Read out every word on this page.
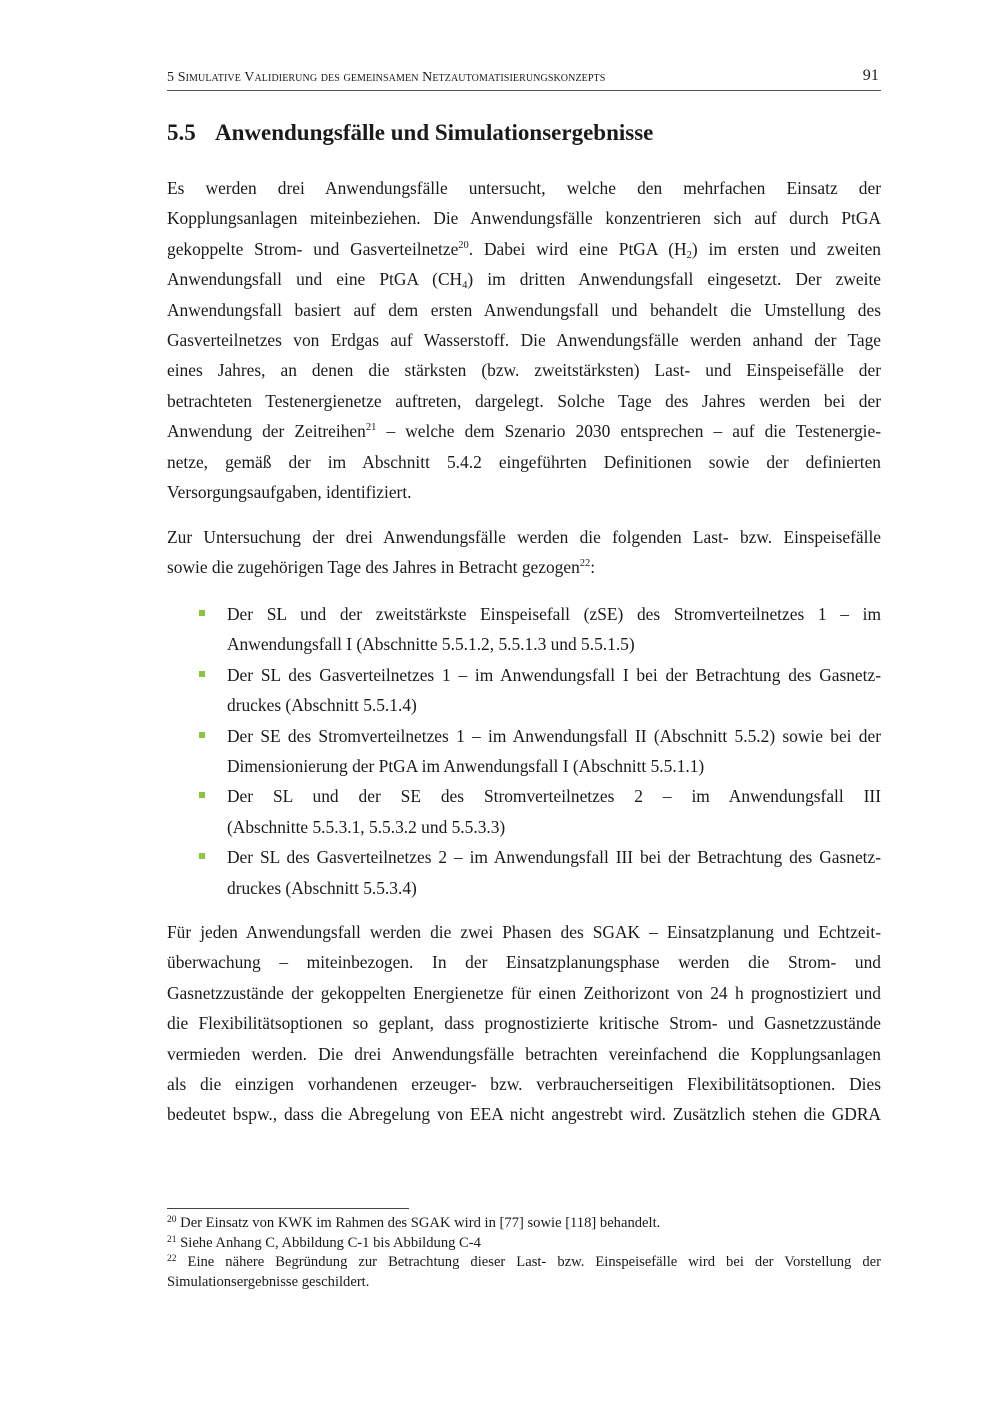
5 Simulative Validierung des gemeinsamen Netzautomatisierungskonzepts	91
5.5 Anwendungsfälle und Simulationsergebnisse
Es werden drei Anwendungsfälle untersucht, welche den mehrfachen Einsatz der
Kopplungsanlagen miteinbeziehen. Die Anwendungsfälle konzentrieren sich auf durch PtGA
gekoppelte Strom- und Gasverteilnetze$^{20}$. Dabei wird eine PtGA $(H_2)$ im ersten und zweiten
Anwendungsfall und eine PtGA $(CH_4)$ im dritten Anwendungsfall eingesetzt. Der zweite
Anwendungsfall basiert auf dem ersten Anwendungsfall und behandelt die Umstellung des
Gasverteilnetzes von Erdgas auf Wasserstoff. Die Anwendungsfälle werden anhand der Tage
eines Jahres, an denen die stärksten (bzw. zweitstärksten) Last- und Einspeisefälle der
betrachteten Testenergienetze auftreten, dargelegt. Solche Tage des Jahres werden bei der
Anwendung der Zeitreihen$^{21}$ – welche dem Szenario 2030 entsprechen – auf die Testenergie-
netze, gemäß der im Abschnitt 5.4.2 eingeführten Definitionen sowie der definierten
Versorgungsaufgaben, identifiziert.
Zur Untersuchung der drei Anwendungsfälle werden die folgenden Last- bzw. Einspeisefälle
sowie die zugehörigen Tage des Jahres in Betracht gezogen$^{22}$:
Der SL und der zweitstärkste Einspeisefall (zSE) des Stromverteilnetzes 1 – im
Anwendungsfall I (Abschnitte 5.5.1.2, 5.5.1.3 und 5.5.1.5)
Der SL des Gasverteilnetzes 1 – im Anwendungsfall I bei der Betrachtung des Gasnetz-
druckes (Abschnitt 5.5.1.4)
Der SE des Stromverteilnetzes 1 – im Anwendungsfall II (Abschnitt 5.5.2) sowie bei der
Dimensionierung der PtGA im Anwendungsfall I (Abschnitt 5.5.1.1)
Der SL und der SE des Stromverteilnetzes 2 – im Anwendungsfall III
(Abschnitte 5.5.3.1, 5.5.3.2 und 5.5.3.3)
Der SL des Gasverteilnetzes 2 – im Anwendungsfall III bei der Betrachtung des Gasnetz-
druckes (Abschnitt 5.5.3.4)
Für jeden Anwendungsfall werden die zwei Phasen des SGAK – Einsatzplanung und Echtzeit-
überwachung – miteinbezogen. In der Einsatzplanungsphase werden die Strom- und
Gasnetzzustände der gekoppelten Energienetze für einen Zeithorizont von 24 h prognostiziert und
die Flexibilitätsoptionen so geplant, dass prognostizierte kritische Strom- und Gasnetzzustände
vermieden werden. Die drei Anwendungsfälle betrachten vereinfachend die Kopplungsanlagen
als die einzigen vorhandenen erzeuger- bzw. verbraucherseitigen Flexibilitätsoptionen. Dies
bedeutet bspw., dass die Abregelung von EEA nicht angestrebt wird. Zusätzlich stehen die GDRA
$^{20}$ Der Einsatz von KWK im Rahmen des SGAK wird in [77] sowie [118] behandelt.
$^{21}$ Siehe Anhang C, Abbildung C-1 bis Abbildung C-4
$^{22}$ Eine nähere Begründung zur Betrachtung dieser Last- bzw. Einspeisefälle wird bei der Vorstellung der
Simulationsergebnisse geschildert.
